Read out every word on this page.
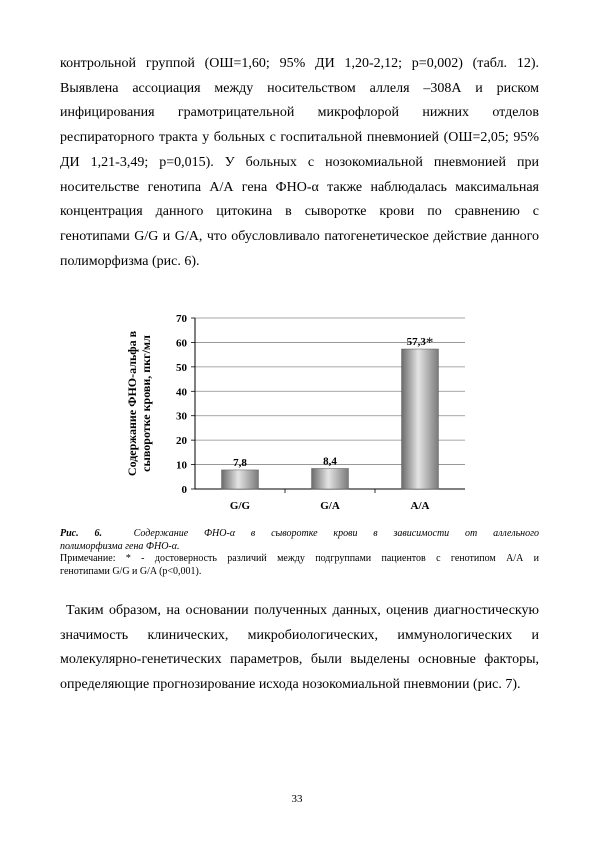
контрольной группой (ОШ=1,60; 95% ДИ 1,20-2,12; p=0,002) (табл. 12).
Выявлена ассоциация между носительством аллеля –308А и риском
инфицирования грамотрицательной микрофлорой нижних отделов
респираторного тракта у больных с госпитальной пневмонией (ОШ=2,05; 95%
ДИ 1,21-3,49; p=0,015). У больных с нозокомиальной пневмонией при
носительстве генотипа А/А гена ФНО-α также наблюдалась максимальная
концентрация данного цитокина в сыворотке крови по сравнению с
генотипами G/G и G/A, что обусловливало патогенетическое действие данного
полиморфизма (рис. 6).
0
10
20
30
40
50
60
70
7,8	8,4
57,3*
G/G	G/A	A/A
Содержание ФНО-альфа в сыворотке крови, пкг/мл
Рис. 6.	Содержание ФНО-α в сыворотке крови в зависимости от аллельного
полиморфизма гена ФНО-α.
Примечание: * - достоверность различий между подгруппами пациентов с генотипом А/А и
генотипами G/G и G/A (p<0,001).
Таким образом, на основании полученных данных, оценив диагностическую
значимость клинических, микробиологических, иммунологических и
молекулярно-генетических параметров, были выделены основные факторы,
определяющие прогнозирование исхода нозокомиальной пневмонии (рис. 7).
33
